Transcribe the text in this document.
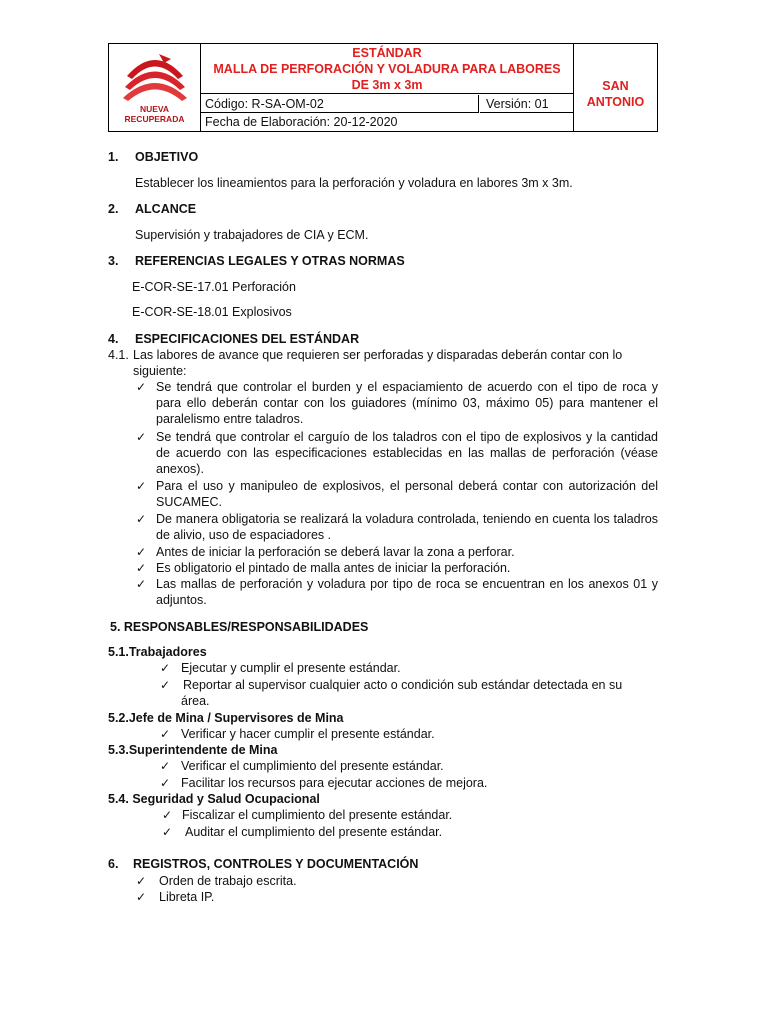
NUEVA RECUPERADA
ESTÁNDAR
MALLA DE PERFORACIÓN Y VOLADURA PARA LABORES
DE 3m x 3m
Código: R-SA-OM-02	Versión: 01
Fecha de Elaboración: 20-12-2020
SAN
ANTONIO
1. OBJETIVO
Establecer los lineamientos para la perforación y voladura en labores 3m x 3m.
2. ALCANCE
Supervisión y trabajadores de CIA y ECM.
3. REFERENCIAS LEGALES Y OTRAS NORMAS
E-COR-SE-17.01 Perforación
E-COR-SE-18.01 Explosivos
4. ESPECIFICACIONES DEL ESTÁNDAR
4.1. Las labores de avance que requieren ser perforadas y disparadas deberán contar con lo
siguiente:
✓ Se tendrá que controlar el burden y el espaciamiento de acuerdo con el tipo de roca y para ello deberán contar con los guiadores (mínimo 03, máximo 05) para mantener el paralelismo entre taladros.
✓ Se tendrá que controlar el carguío de los taladros con el tipo de explosivos y la cantidad de acuerdo con las especificaciones establecidas en las mallas de perforación (véase anexos).
✓ Para el uso y manipuleo de explosivos, el personal deberá contar con autorización del SUCAMEC.
✓ De manera obligatoria se realizará la voladura controlada, teniendo en cuenta los taladros de alivio, uso de espaciadores .
✓ Antes de iniciar la perforación se deberá lavar la zona a perforar.
✓ Es obligatorio el pintado de malla antes de iniciar la perforación.
✓ Las mallas de perforación y voladura por tipo de roca se encuentran en los anexos 01 y adjuntos.
5. RESPONSABLES/RESPONSABILIDADES
5.1.Trabajadores
✓ Ejecutar y cumplir el presente estándar.
✓ Reportar al supervisor cualquier acto o condición sub estándar detectada en su
área.
5.2.Jefe de Mina / Supervisores de Mina
✓ Verificar y hacer cumplir el presente estándar.
5.3.Superintendente de Mina
✓ Verificar el cumplimiento del presente estándar.
✓ Facilitar los recursos para ejecutar acciones de mejora.
5.4. Seguridad y Salud Ocupacional
✓ Fiscalizar el cumplimiento del presente estándar.
✓ Auditar el cumplimiento del presente estándar.
6. REGISTROS, CONTROLES Y DOCUMENTACIÓN
✓ Orden de trabajo escrita.
✓ Libreta IP.
